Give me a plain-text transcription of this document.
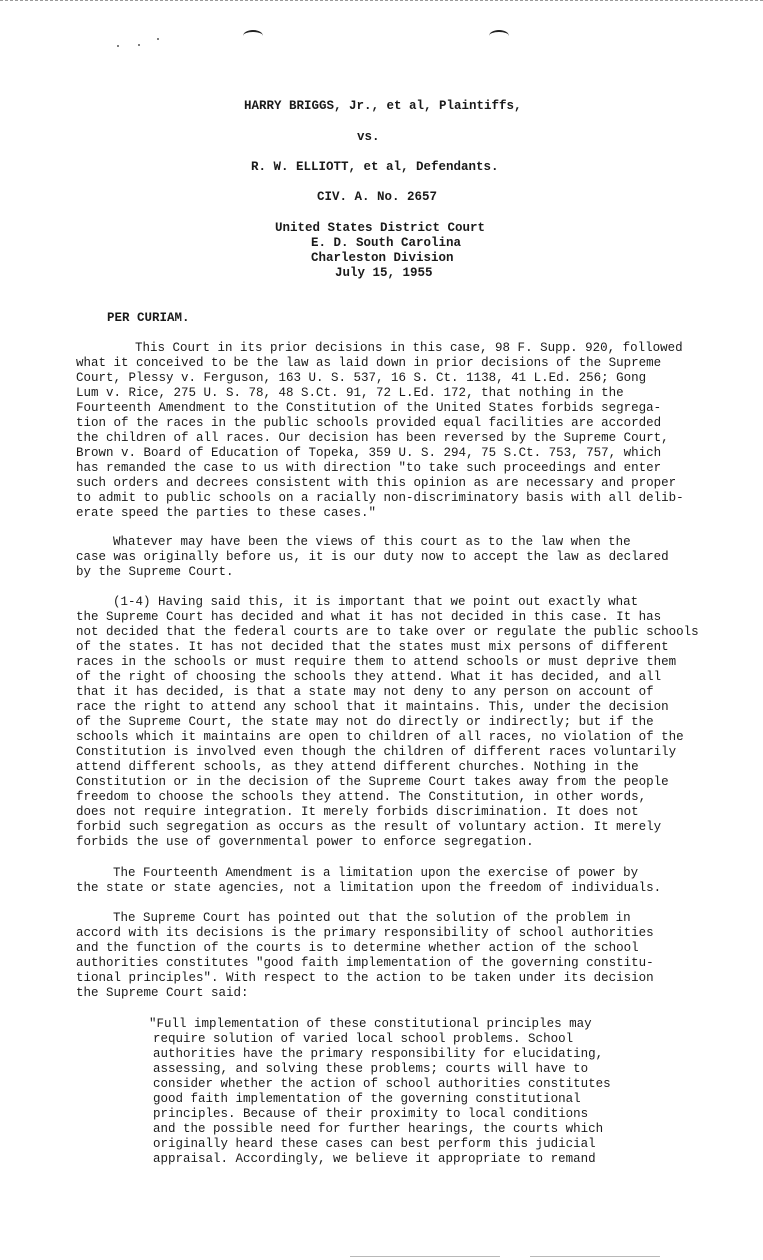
HARRY BRIGGS, Jr., et al, Plaintiffs,
vs.
R. W. ELLIOTT, et al, Defendants.
CIV. A. No. 2657
United States District Court
E. D. South Carolina
Charleston Division
July 15, 1955
PER CURIAM.
This Court in its prior decisions in this case, 98 F. Supp. 920, followed
what it conceived to be the law as laid down in prior decisions of the Supreme
Court, Plessy v. Ferguson, 163 U. S. 537, 16 S. Ct. 1138, 41 L.Ed. 256; Gong
Lum v. Rice, 275 U. S. 78, 48 S.Ct. 91, 72 L.Ed. 172, that nothing in the
Fourteenth Amendment to the Constitution of the United States forbids segrega-
tion of the races in the public schools provided equal facilities are accorded
the children of all races. Our decision has been reversed by the Supreme Court,
Brown v. Board of Education of Topeka, 359 U. S. 294, 75 S.Ct. 753, 757, which
has remanded the case to us with direction "to take such proceedings and enter
such orders and decrees consistent with this opinion as are necessary and proper
to admit to public schools on a racially non-discriminatory basis with all delib-
erate speed the parties to these cases."
Whatever may have been the views of this court as to the law when the
case was originally before us, it is our duty now to accept the law as declared
by the Supreme Court.
(1-4) Having said this, it is important that we point out exactly what
the Supreme Court has decided and what it has not decided in this case. It has
not decided that the federal courts are to take over or regulate the public schools
of the states. It has not decided that the states must mix persons of different
races in the schools or must require them to attend schools or must deprive them
of the right of choosing the schools they attend. What it has decided, and all
that it has decided, is that a state may not deny to any person on account of
race the right to attend any school that it maintains. This, under the decision
of the Supreme Court, the state may not do directly or indirectly; but if the
schools which it maintains are open to children of all races, no violation of the
Constitution is involved even though the children of different races voluntarily
attend different schools, as they attend different churches. Nothing in the
Constitution or in the decision of the Supreme Court takes away from the people
freedom to choose the schools they attend. The Constitution, in other words,
does not require integration. It merely forbids discrimination. It does not
forbid such segregation as occurs as the result of voluntary action. It merely
forbids the use of governmental power to enforce segregation.
The Fourteenth Amendment is a limitation upon the exercise of power by
the state or state agencies, not a limitation upon the freedom of individuals.
The Supreme Court has pointed out that the solution of the problem in
accord with its decisions is the primary responsibility of school authorities
and the function of the courts is to determine whether action of the school
authorities constitutes "good faith implementation of the governing constitu-
tional principles". With respect to the action to be taken under its decision
the Supreme Court said:
"Full implementation of these constitutional principles may
require solution of varied local school problems. School
authorities have the primary responsibility for elucidating,
assessing, and solving these problems; courts will have to
consider whether the action of school authorities constitutes
good faith implementation of the governing constitutional
principles. Because of their proximity to local conditions
and the possible need for further hearings, the courts which
originally heard these cases can best perform this judicial
appraisal. Accordingly, we believe it appropriate to remand
